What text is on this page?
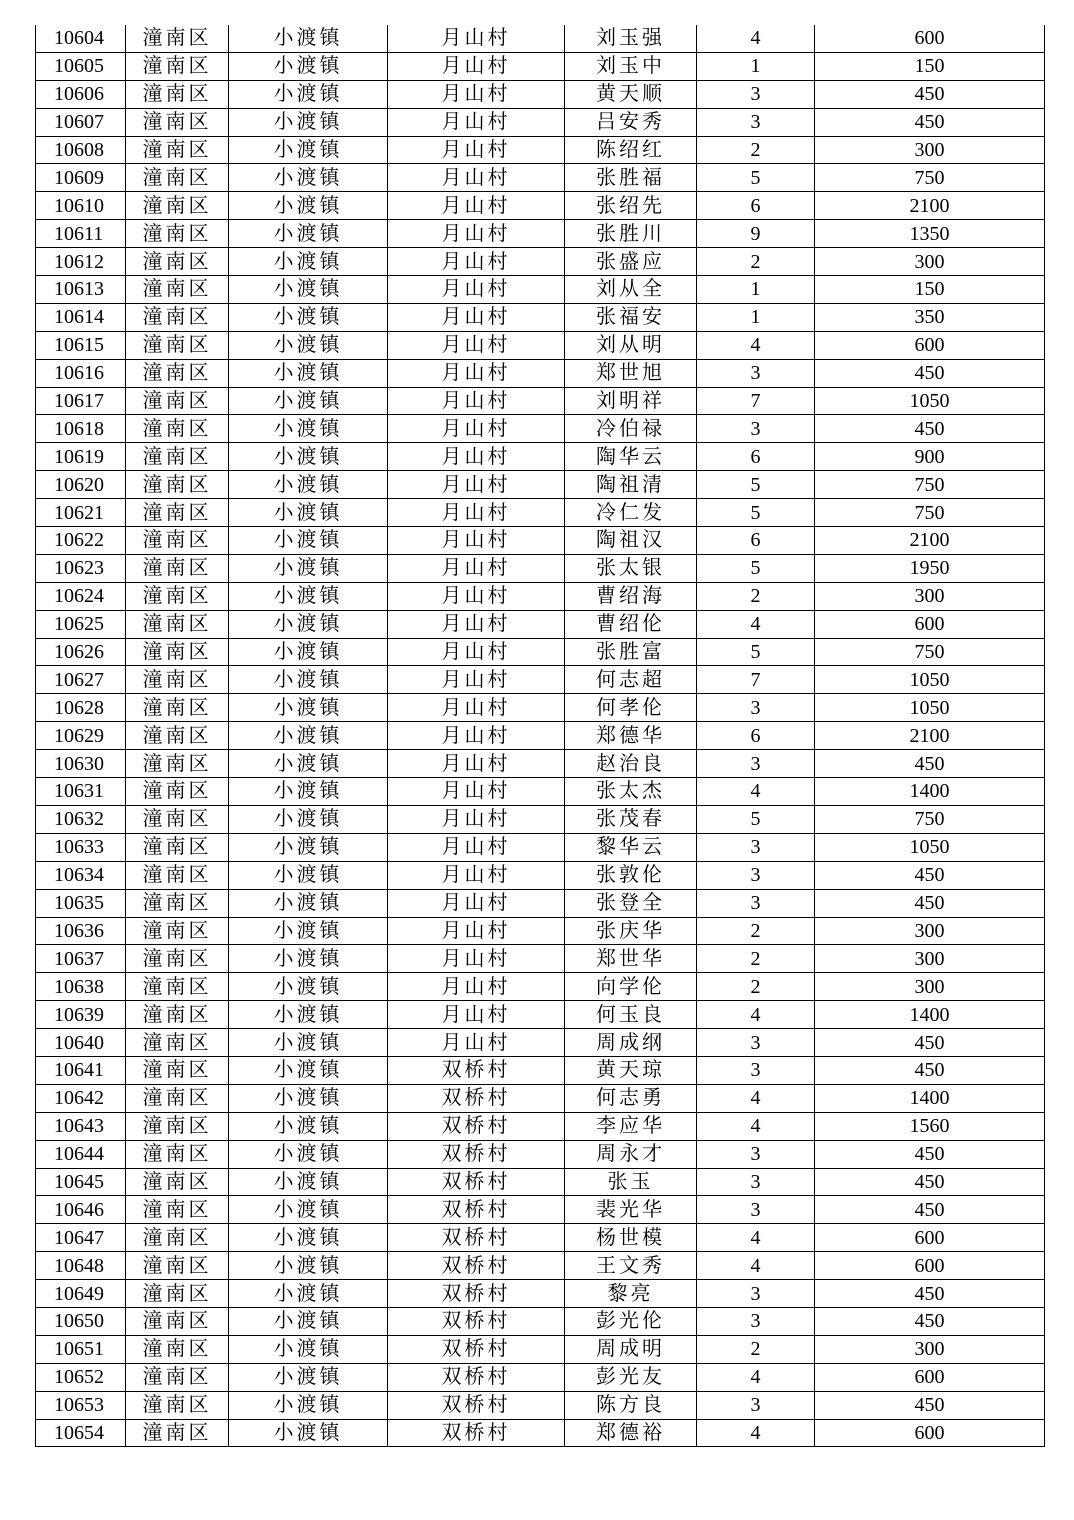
10604	潼南区	小渡镇	月山村	刘玉强	4	600
10605	潼南区	小渡镇	月山村	刘玉中	1	150
10606	潼南区	小渡镇	月山村	黄天顺	3	450
10607	潼南区	小渡镇	月山村	吕安秀	3	450
10608	潼南区	小渡镇	月山村	陈绍红	2	300
10609	潼南区	小渡镇	月山村	张胜福	5	750
10610	潼南区	小渡镇	月山村	张绍先	6	2100
10611	潼南区	小渡镇	月山村	张胜川	9	1350
10612	潼南区	小渡镇	月山村	张盛应	2	300
10613	潼南区	小渡镇	月山村	刘从全	1	150
10614	潼南区	小渡镇	月山村	张福安	1	350
10615	潼南区	小渡镇	月山村	刘从明	4	600
10616	潼南区	小渡镇	月山村	郑世旭	3	450
10617	潼南区	小渡镇	月山村	刘明祥	7	1050
10618	潼南区	小渡镇	月山村	冷伯禄	3	450
10619	潼南区	小渡镇	月山村	陶华云	6	900
10620	潼南区	小渡镇	月山村	陶祖清	5	750
10621	潼南区	小渡镇	月山村	冷仁发	5	750
10622	潼南区	小渡镇	月山村	陶祖汉	6	2100
10623	潼南区	小渡镇	月山村	张太银	5	1950
10624	潼南区	小渡镇	月山村	曹绍海	2	300
10625	潼南区	小渡镇	月山村	曹绍伦	4	600
10626	潼南区	小渡镇	月山村	张胜富	5	750
10627	潼南区	小渡镇	月山村	何志超	7	1050
10628	潼南区	小渡镇	月山村	何孝伦	3	1050
10629	潼南区	小渡镇	月山村	郑德华	6	2100
10630	潼南区	小渡镇	月山村	赵治良	3	450
10631	潼南区	小渡镇	月山村	张太杰	4	1400
10632	潼南区	小渡镇	月山村	张茂春	5	750
10633	潼南区	小渡镇	月山村	黎华云	3	1050
10634	潼南区	小渡镇	月山村	张敦伦	3	450
10635	潼南区	小渡镇	月山村	张登全	3	450
10636	潼南区	小渡镇	月山村	张庆华	2	300
10637	潼南区	小渡镇	月山村	郑世华	2	300
10638	潼南区	小渡镇	月山村	向学伦	2	300
10639	潼南区	小渡镇	月山村	何玉良	4	1400
10640	潼南区	小渡镇	月山村	周成纲	3	450
10641	潼南区	小渡镇	双桥村	黄天琼	3	450
10642	潼南区	小渡镇	双桥村	何志勇	4	1400
10643	潼南区	小渡镇	双桥村	李应华	4	1560
10644	潼南区	小渡镇	双桥村	周永才	3	450
10645	潼南区	小渡镇	双桥村	张玉	3	450
10646	潼南区	小渡镇	双桥村	裴光华	3	450
10647	潼南区	小渡镇	双桥村	杨世模	4	600
10648	潼南区	小渡镇	双桥村	王文秀	4	600
10649	潼南区	小渡镇	双桥村	黎亮	3	450
10650	潼南区	小渡镇	双桥村	彭光伦	3	450
10651	潼南区	小渡镇	双桥村	周成明	2	300
10652	潼南区	小渡镇	双桥村	彭光友	4	600
10653	潼南区	小渡镇	双桥村	陈方良	3	450
10654	潼南区	小渡镇	双桥村	郑德裕	4	600
